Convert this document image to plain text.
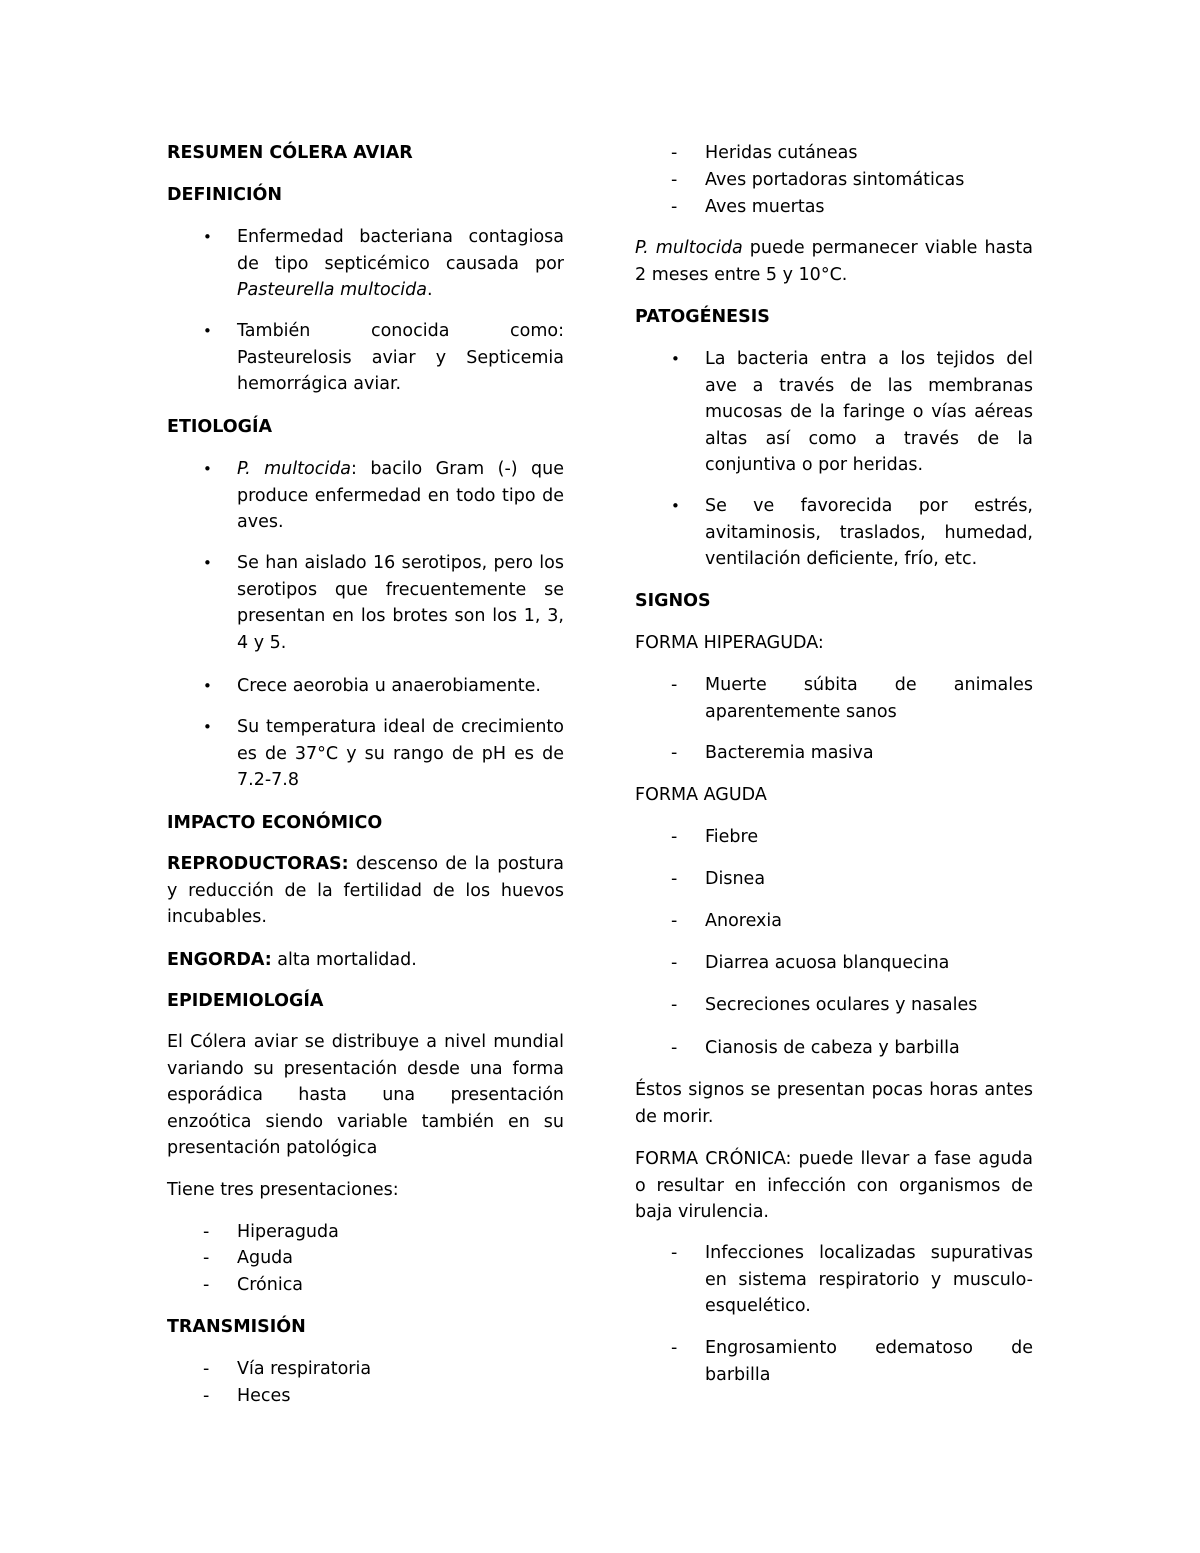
RESUMEN CÓLERA AVIAR

DEFINICIÓN

• Enfermedad bacteriana contagiosa de tipo septicémico causada por Pasteurella multocida.
• También conocida como:
Pasteurelosis aviar y Septicemia
hemorrágica aviar.

ETIOLOGÍA

• P. multocida: bacilo Gram (-) que produce enfermedad en todo tipo de aves.
• Se han aislado 16 serotipos, pero los serotipos que frecuentemente se presentan en los brotes son los 1, 3, 4 y 5.
• Crece aeorobia u anaerobiamente.
• Su temperatura ideal de crecimiento es de 37°C y su rango de pH es de 7.2-7.8

IMPACTO ECONÓMICO

REPRODUCTORAS: descenso de la postura y reducción de la fertilidad de los huevos incubables.

ENGORDA: alta mortalidad.

EPIDEMIOLOGÍA

El Cólera aviar se distribuye a nivel mundial variando su presentación desde una forma esporádica hasta una presentación enzoótica siendo variable también en su presentación patológica

Tiene tres presentaciones:

- Hiperaguda
- Aguda
- Crónica

TRANSMISIÓN

- Vía respiratoria
- Heces
- Heridas cutáneas
- Aves portadoras sintomáticas
- Aves muertas

P. multocida puede permanecer viable hasta 2 meses entre 5 y 10°C.

PATOGÉNESIS

• La bacteria entra a los tejidos del ave a través de las membranas mucosas de la faringe o vías aéreas altas así como a través de la conjuntiva o por heridas.
• Se ve favorecida por estrés, avitaminosis, traslados, humedad, ventilación deficiente, frío, etc.

SIGNOS

FORMA HIPERAGUDA:

- Muerte súbita de animales aparentemente sanos
- Bacteremia masiva

FORMA AGUDA

- Fiebre
- Disnea
- Anorexia
- Diarrea acuosa blanquecina
- Secreciones oculares y nasales
- Cianosis de cabeza y barbilla

Éstos signos se presentan pocas horas antes de morir.

FORMA CRÓNICA: puede llevar a fase aguda o resultar en infección con organismos de baja virulencia.

- Infecciones localizadas supurativas en sistema respiratorio y musculo-esquelético.
- Engrosamiento edematoso de barbilla
